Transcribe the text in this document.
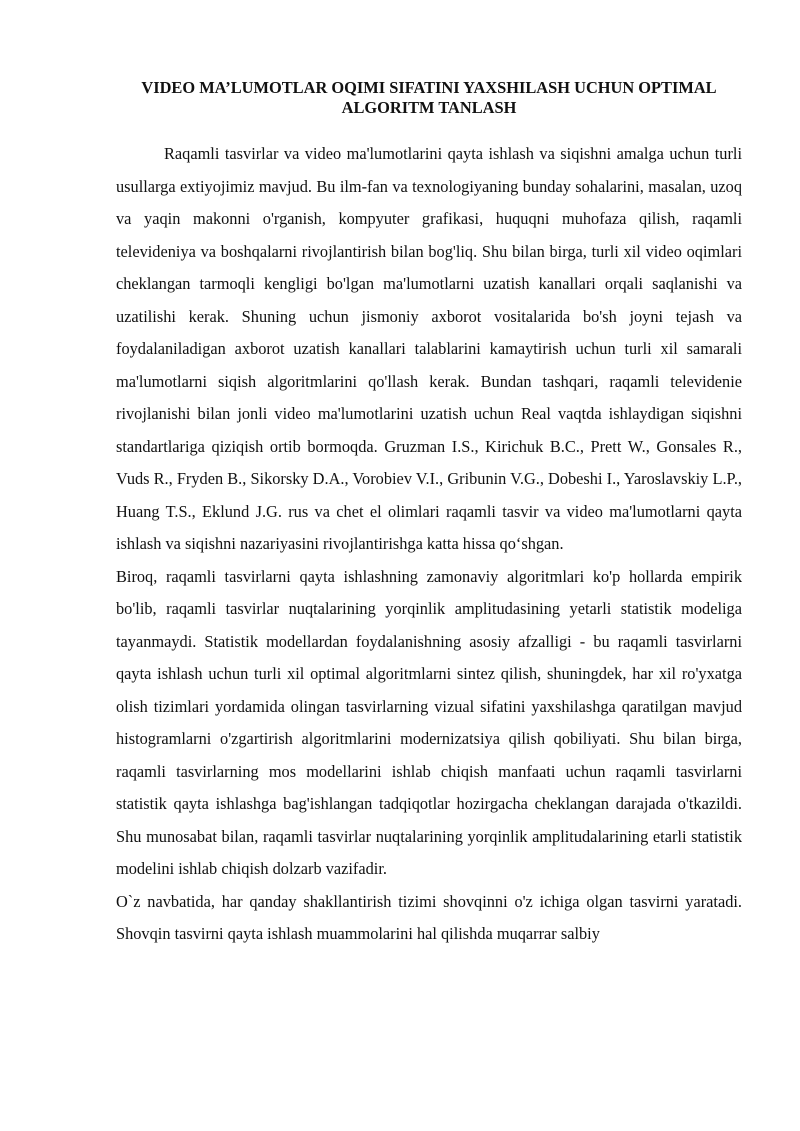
VIDEO MA’LUMOTLAR OQIMI SIFATINI YAXSHILASH UCHUN OPTIMAL ALGORITM TANLASH

Raqamli tasvirlar va video ma'lumotlarini qayta ishlash va siqishni amalga uchun turli usullarga extiyojimiz mavjud. Bu ilm-fan va texnologiyaning bunday sohalarini, masalan, uzoq va yaqin makonni o'rganish, kompyuter grafikasi, huquqni muhofaza qilish, raqamli televideniya va boshqalarni rivojlantirish bilan bog'liq. Shu bilan birga, turli xil video oqimlari cheklangan tarmoqli kengligi bo'lgan ma'lumotlarni uzatish kanallari orqali saqlanishi va uzatilishi kerak. Shuning uchun jismoniy axborot vositalarida bo'sh joyni tejash va foydalaniladigan axborot uzatish kanallari talablarini kamaytirish uchun turli xil samarali ma'lumotlarni siqish algoritmlarini qo'llash kerak. Bundan tashqari, raqamli televidenie rivojlanishi bilan jonli video ma'lumotlarini uzatish uchun Real vaqtda ishlaydigan siqishni standartlariga qiziqish ortib bormoqda. Gruzman I.S., Kirichuk B.C., Prett W., Gonsales R., Vuds R., Fryden B., Sikorsky D.A., Vorobiev V.I., Gribunin V.G., Dobeshi I., Yaroslavskiy L.P., Huang T.S., Eklund J.G. rus va chet el olimlari raqamli tasvir va video ma'lumotlarni qayta ishlash va siqishni nazariyasini rivojlantirishga katta hissa qo‘shgan.

Biroq, raqamli tasvirlarni qayta ishlashning zamonaviy algoritmlari ko'p hollarda empirik bo'lib, raqamli tasvirlar nuqtalarining yorqinlik amplitudasining yetarli statistik modeliga tayanmaydi. Statistik modellardan foydalanishning asosiy afzalligi - bu raqamli tasvirlarni qayta ishlash uchun turli xil optimal algoritmlarni sintez qilish, shuningdek, har xil ro'yxatga olish tizimlari yordamida olingan tasvirlarning vizual sifatini yaxshilashga qaratilgan mavjud histogramlarni o'zgartirish algoritmlarini modernizatsiya qilish qobiliyati. Shu bilan birga, raqamli tasvirlarning mos modellarini ishlab chiqish manfaati uchun raqamli tasvirlarni statistik qayta ishlashga bag'ishlangan tadqiqotlar hozirgacha cheklangan darajada o'tkazildi. Shu munosabat bilan, raqamli tasvirlar nuqtalarining yorqinlik amplitudalarining etarli statistik modelini ishlab chiqish dolzarb vazifadir.

O`z navbatida, har qanday shakllantirish tizimi shovqinni o'z ichiga olgan tasvirni yaratadi. Shovqin tasvirni qayta ishlash muammolarini hal qilishda muqarrar salbiy
